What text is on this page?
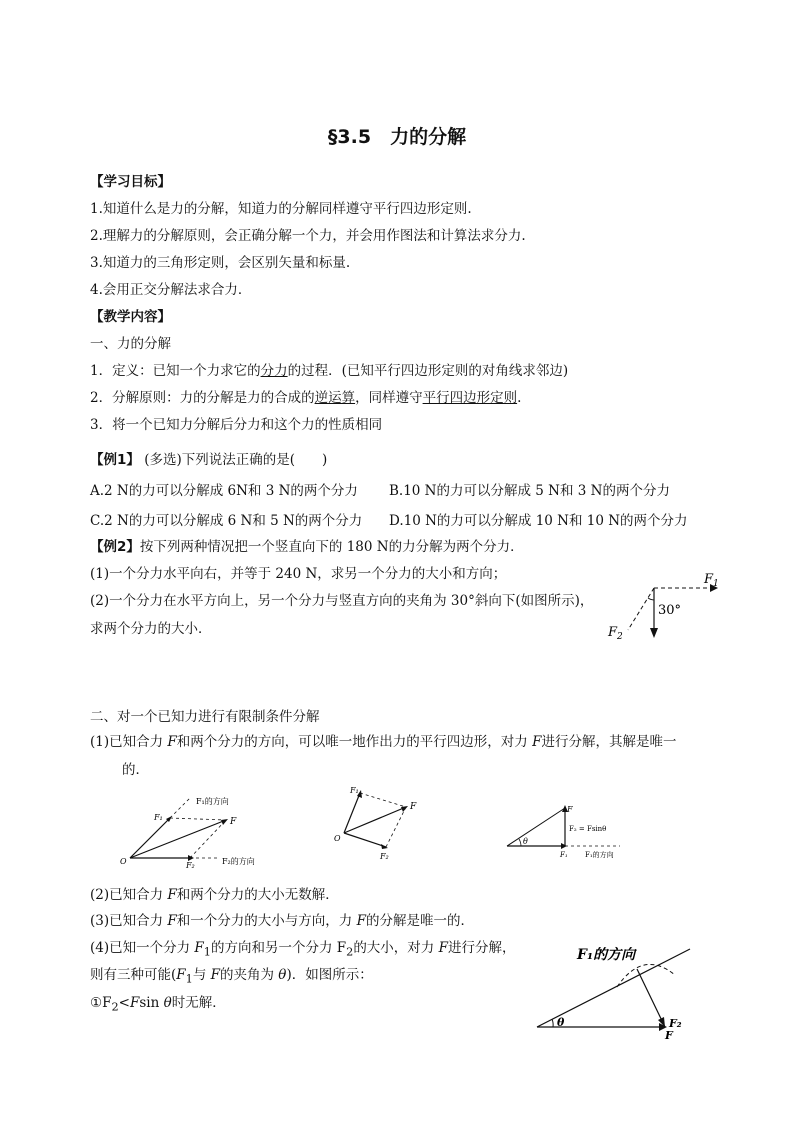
§3.5　力的分解
【学习目标】
1.知道什么是力的分解，知道力的分解同样遵守平行四边形定则.
2.理解力的分解原则，会正确分解一个力，并会用作图法和计算法求分力.
3.知道力的三角形定则，会区别矢量和标量.
4.会用正交分解法求合力．
【教学内容】
一、力的分解
1．定义：已知一个力求它的分力的过程．(已知平行四边形定则的对角线求邻边)
2．分解原则：力的分解是力的合成的逆运算，同样遵守平行四边形定则.
3．将一个已知力分解后分力和这个力的性质相同
【例1】 (多选)下列说法正确的是(　　)
A.2 N的力可以分解成 6N和 3 N的两个分力 B.10 N的力可以分解成 5 N和 3 N的两个分力
C.2 N的力可以分解成 6 N和 5 N的两个分力 D.10 N的力可以分解成 10 N和 10 N的两个分力
【例2】按下列两种情况把一个竖直向下的 180 N的力分解为两个分力．
(1)一个分力水平向右，并等于 240 N，求另一个分力的大小和方向；
(2)一个分力在水平方向上，另一个分力与竖直方向的夹角为 30°斜向下(如图所示)，
求两个分力的大小．
$F_1$
30°
$F_2$
二、对一个已知力进行有限制条件分解
(1)已知合力 F和两个分力的方向，可以唯一地作出力的平行四边形，对力 F进行分解，其解是唯一
的．
F₁的方向
F₁	F
O	F₂	F₂的方向
F₁
F
O
F₂
θ
F
F₂ = Fsinθ
F₁ F₁的方向
(2)已知合力 F和两个分力的大小无数解．
(3)已知合力 F和一个分力的大小与方向，力 F的分解是唯一的．
(4)已知一个分力 $F_1$的方向和另一个分力 $F_2$的大小，对力 F进行分解，
则有三种可能($F_1$与 F的夹角为 θ)．如图所示：
$①F_2<Fsin$ θ时无解．
F₁的方向
θ	F₂
F
